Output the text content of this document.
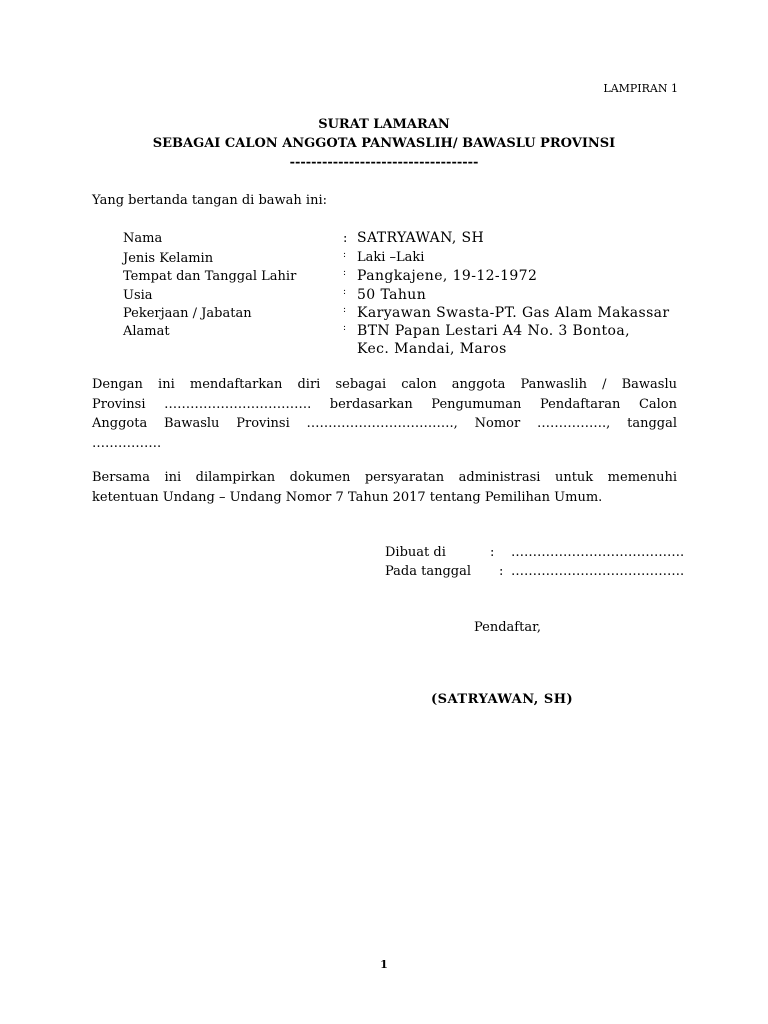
LAMPIRAN 1
SURAT LAMARAN
SEBAGAI CALON ANGGOTA PANWASLIH/ BAWASLU PROVINSI
-----------------------------------
Yang bertanda tangan di bawah ini:
Nama	: SATRYAWAN, SH
Jenis Kelamin	: Laki –Laki
Tempat dan Tanggal Lahir	: Pangkajene, 19-12-1972
Usia	: 50 Tahun
Pekerjaan / Jabatan	: Karyawan Swasta-PT. Gas Alam Makassar
Alamat	: BTN Papan Lestari A4 No. 3 Bontoa,
Kec. Mandai, Maros
Dengan ini mendaftarkan diri sebagai calon anggota Panwaslih / Bawaslu
Provinsi ……………………………. berdasarkan Pengumuman Pendaftaran Calon
Anggota Bawaslu Provinsi ……………………………., Nomor ……………., tanggal
…………….
Bersama ini dilampirkan dokumen persyaratan administrasi untuk memenuhi
ketentuan Undang – Undang Nomor 7 Tahun 2017 tentang Pemilihan Umum.
Dibuat di	: ………………………………….
Pada tanggal : ………………………………….
Pendaftar,
(SATRYAWAN, SH)
1
